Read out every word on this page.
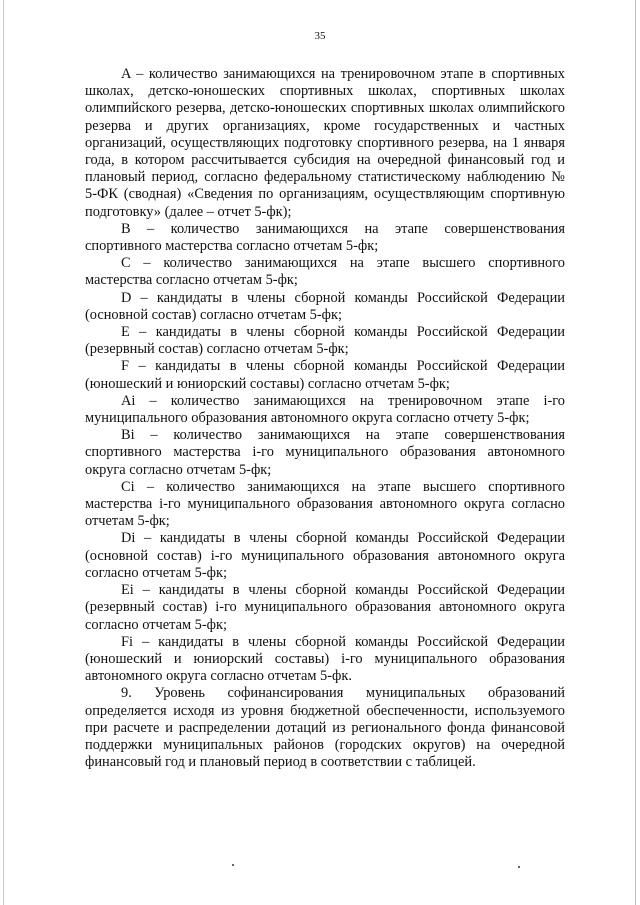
35

A – количество занимающихся на тренировочном этапе в спортивных школах, детско-юношеских спортивных школах, спортивных школах олимпийского резерва, детско-юношеских спортивных школах олимпийского резерва и других организациях, кроме государственных и частных организаций, осуществляющих подготовку спортивного резерва, на 1 января года, в котором рассчитывается субсидия на очередной финансовый год и плановый период, согласно федеральному статистическому наблюдению № 5-ФК (сводная) «Сведения по организациям, осуществляющим спортивную подготовку» (далее – отчет 5-фк);

B – количество занимающихся на этапе совершенствования спортивного мастерства согласно отчетам 5-фк;

C – количество занимающихся на этапе высшего спортивного мастерства согласно отчетам 5-фк;

D – кандидаты в члены сборной команды Российской Федерации (основной состав) согласно отчетам 5-фк;

E – кандидаты в члены сборной команды Российской Федерации (резервный состав) согласно отчетам 5-фк;

F – кандидаты в члены сборной команды Российской Федерации (юношеский и юниорский составы) согласно отчетам 5-фк;

Ai – количество занимающихся на тренировочном этапе i-го муниципального образования автономного округа согласно отчету 5-фк;

Bi – количество занимающихся на этапе совершенствования спортивного мастерства i-го муниципального образования автономного округа согласно отчетам 5-фк;

Ci – количество занимающихся на этапе высшего спортивного мастерства i-го муниципального образования автономного округа согласно отчетам 5-фк;

Di – кандидаты в члены сборной команды Российской Федерации (основной состав) i-го муниципального образования автономного округа согласно отчетам 5-фк;

Ei – кандидаты в члены сборной команды Российской Федерации (резервный состав) i-го муниципального образования автономного округа согласно отчетам 5-фк;

Fi – кандидаты в члены сборной команды Российской Федерации (юношеский и юниорский составы) i-го муниципального образования автономного округа согласно отчетам 5-фк.

9. Уровень софинансирования муниципальных образований определяется исходя из уровня бюджетной обеспеченности, используемого при расчете и распределении дотаций из регионального фонда финансовой поддержки муниципальных районов (городских округов) на очередной финансовый год и плановый период в соответствии с таблицей.
